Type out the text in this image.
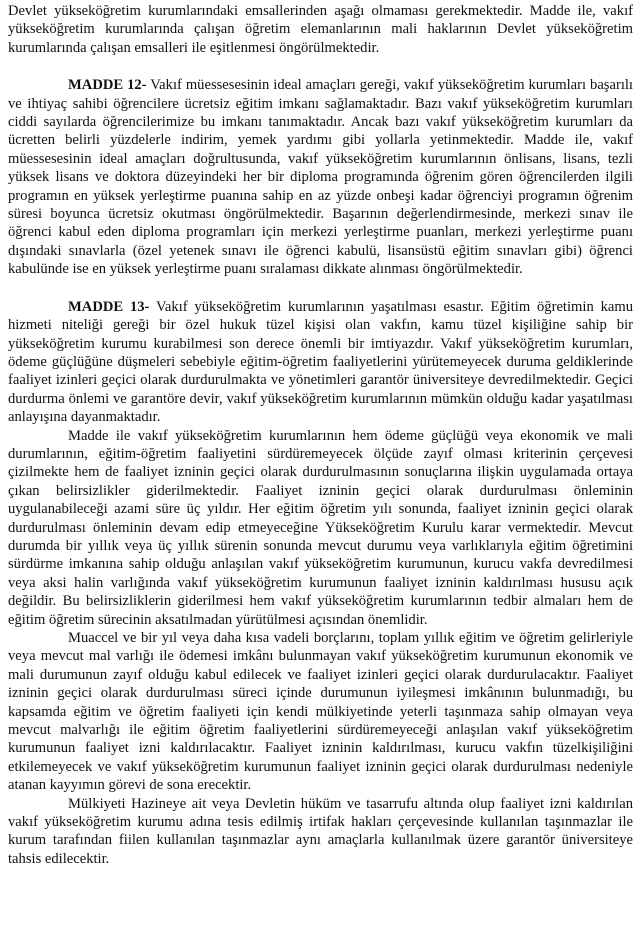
Devlet yükseköğretim kurumlarındaki emsallerinden aşağı olmaması gerekmektedir. Madde ile, vakıf yükseköğretim kurumlarında çalışan öğretim elemanlarının mali haklarının Devlet yükseköğretim kurumlarında çalışan emsalleri ile eşitlenmesi öngörülmektedir.

MADDE 12- Vakıf müessesesinin ideal amaçları gereği, vakıf yükseköğretim kurumları başarılı ve ihtiyaç sahibi öğrencilere ücretsiz eğitim imkanı sağlamaktadır. Bazı vakıf yükseköğretim kurumları ciddi sayılarda öğrencilerimize bu imkanı tanımaktadır. Ancak bazı vakıf yükseköğretim kurumları da ücretten belirli yüzdelerle indirim, yemek yardımı gibi yollarla yetinmektedir. Madde ile, vakıf müessesesinin ideal amaçları doğrultusunda, vakıf yükseköğretim kurumlarının önlisans, lisans, tezli yüksek lisans ve doktora düzeyindeki her bir diploma programında öğrenim gören öğrencilerden ilgili programın en yüksek yerleştirme puanına sahip en az yüzde onbeşi kadar öğrenciyi programın öğrenim süresi boyunca ücretsiz okutması öngörülmektedir. Başarının değerlendirmesinde, merkezi sınav ile öğrenci kabul eden diploma programları için merkezi yerleştirme puanları, merkezi yerleştirme puanı dışındaki sınavlarla (özel yetenek sınavı ile öğrenci kabulü, lisansüstü eğitim sınavları gibi) öğrenci kabulünde ise en yüksek yerleştirme puanı sıralaması dikkate alınması öngörülmektedir.

MADDE 13- Vakıf yükseköğretim kurumlarının yaşatılması esastır. Eğitim öğretimin kamu hizmeti niteliği gereği bir özel hukuk tüzel kişisi olan vakfın, kamu tüzel kişiliğine sahip bir yükseköğretim kurumu kurabilmesi son derece önemli bir imtiyazdır. Vakıf yükseköğretim kurumları, ödeme güçlüğüne düşmeleri sebebiyle eğitim-öğretim faaliyetlerini yürütemeyecek duruma geldiklerinde faaliyet izinleri geçici olarak durdurulmakta ve yönetimleri garantör üniversiteye devredilmektedir. Geçici durdurma önlemi ve garantöre devir, vakıf yükseköğretim kurumlarının mümkün olduğu kadar yaşatılması anlayışına dayanmaktadır.

Madde ile vakıf yükseköğretim kurumlarının hem ödeme güçlüğü veya ekonomik ve mali durumlarının, eğitim-öğretim faaliyetini sürdüremeyecek ölçüde zayıf olması kriterinin çerçevesi çizilmekte hem de faaliyet izninin geçici olarak durdurulmasının sonuçlarına ilişkin uygulamada ortaya çıkan belirsizlikler giderilmektedir. Faaliyet izninin geçici olarak durdurulması önleminin uygulanabileceği azami süre üç yıldır. Her eğitim öğretim yılı sonunda, faaliyet izninin geçici olarak durdurulması önleminin devam edip etmeyeceğine Yükseköğretim Kurulu karar vermektedir. Mevcut durumda bir yıllık veya üç yıllık sürenin sonunda mevcut durumu veya varlıklarıyla eğitim öğretimini sürdürme imkanına sahip olduğu anlaşılan vakıf yükseköğretim kurumunun, kurucu vakfa devredilmesi veya aksi halin varlığında vakıf yükseköğretim kurumunun faaliyet izninin kaldırılması hususu açık değildir. Bu belirsizliklerin giderilmesi hem vakıf yükseköğretim kurumlarının tedbir almaları hem de eğitim öğretim sürecinin aksatılmadan yürütülmesi açısından önemlidir.

Muaccel ve bir yıl veya daha kısa vadeli borçlarını, toplam yıllık eğitim ve öğretim gelirleriyle veya mevcut mal varlığı ile ödemesi imkânı bulunmayan vakıf yükseköğretim kurumunun ekonomik ve mali durumunun zayıf olduğu kabul edilecek ve faaliyet izinleri geçici olarak durdurulacaktır. Faaliyet izninin geçici olarak durdurulması süreci içinde durumunun iyileşmesi imkânının bulunmadığı, bu kapsamda eğitim ve öğretim faaliyeti için kendi mülkiyetinde yeterli taşınmaza sahip olmayan veya mevcut malvarlığı ile eğitim öğretim faaliyetlerini sürdüremeyeceği anlaşılan vakıf yükseköğretim kurumunun faaliyet izni kaldırılacaktır. Faaliyet izninin kaldırılması, kurucu vakfın tüzelkişiliğini etkilemeyecek ve vakıf yükseköğretim kurumunun faaliyet izninin geçici olarak durdurulması nedeniyle atanan kayyımın görevi de sona erecektir.

Mülkiyeti Hazineye ait veya Devletin hüküm ve tasarrufu altında olup faaliyet izni kaldırılan vakıf yükseköğretim kurumu adına tesis edilmiş irtifak hakları çerçevesinde kullanılan taşınmazlar ile kurum tarafından fiilen kullanılan taşınmazlar aynı amaçlarla kullanılmak üzere garantör üniversiteye tahsis edilecektir.
